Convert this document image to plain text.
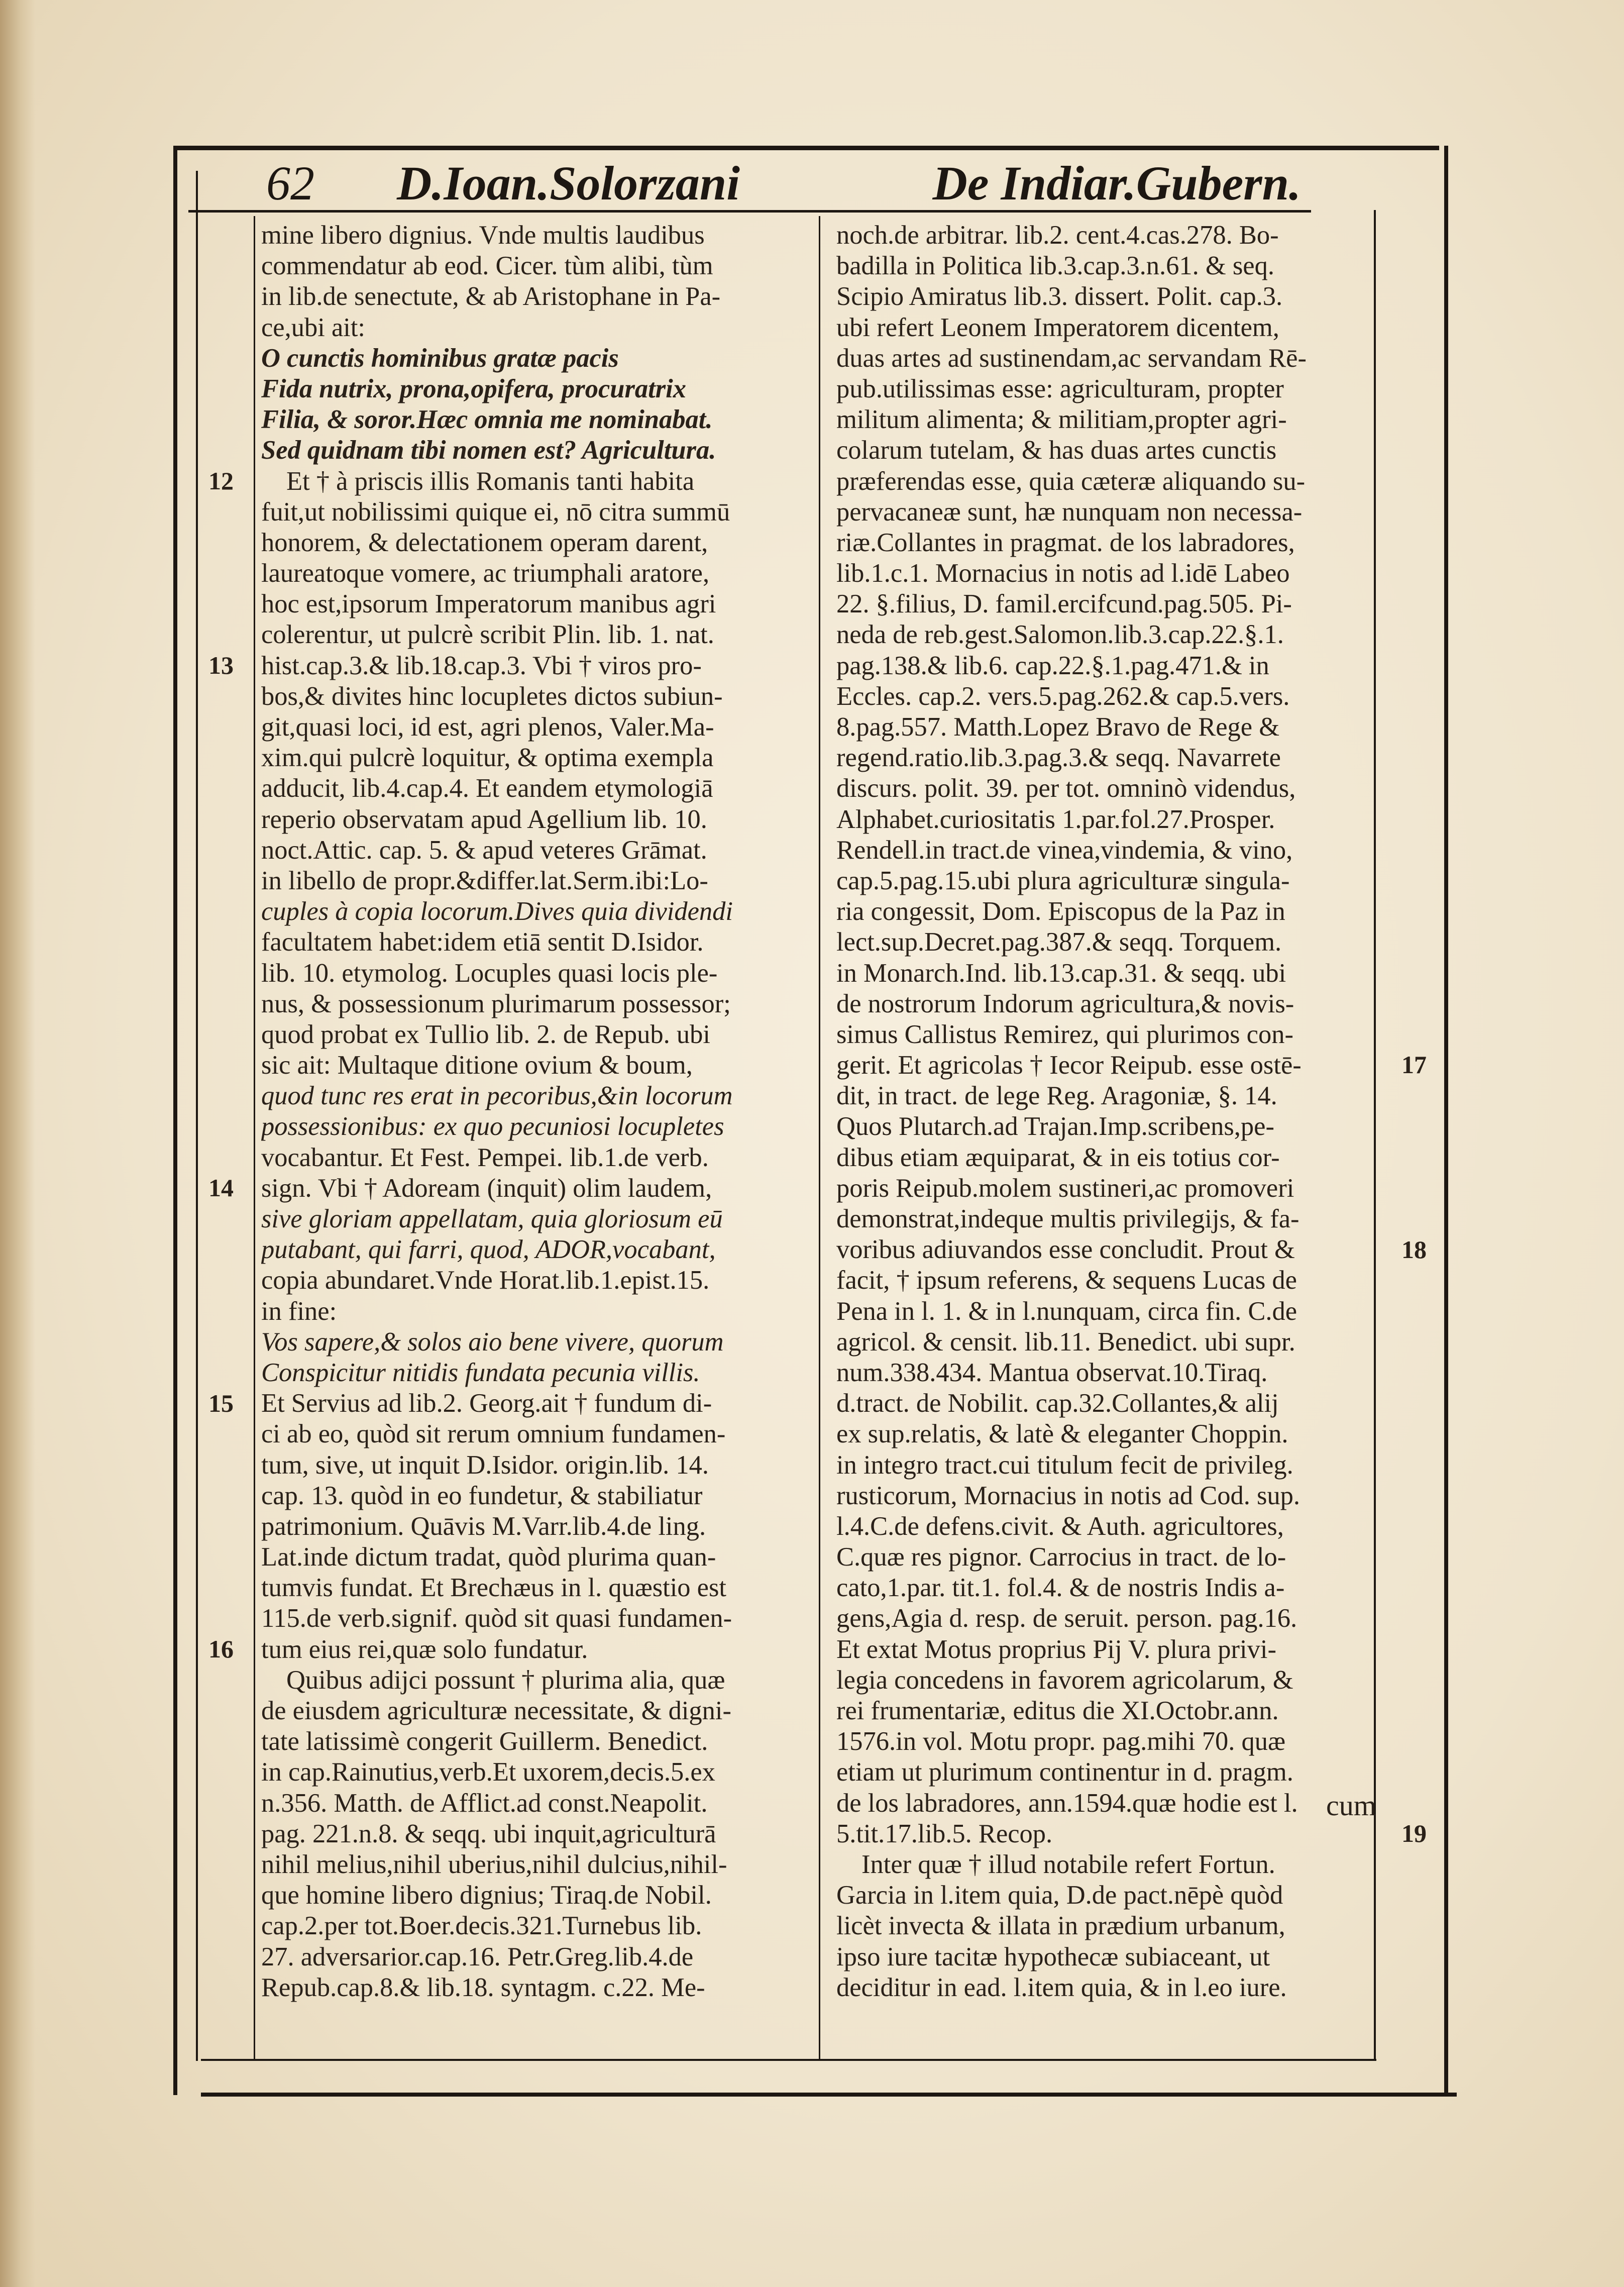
62 D.Ioan.Solorzani	De Indiar.Gubern.
mine libero dignius. Vnde multis laudibus
commendatur ab eod. Cicer. tùm alibi, tùm
in lib.de senectute, & ab Aristophane in Pa-
ce,ubi ait:
O cunctis hominibus gratæ pacis
Fida nutrix, prona,opifera, procuratrix
Filia, & soror.Hæc omnia me nominabat.
Sed quidnam tibi nomen est? Agricultura.
Et † à priscis illis Romanis tanti habita
fuit,ut nobilissimi quique ei, nō citra summū
honorem, & delectationem operam darent,
laureatoque vomere, ac triumphali aratore,
hoc est,ipsorum Imperatorum manibus agri
colerentur, ut pulcrè scribit Plin. lib. 1. nat.
hist.cap.3.& lib.18.cap.3. Vbi † viros pro-
bos,& divites hinc locupletes dictos subiun-
git,quasi loci, id est, agri plenos, Valer.Ma-
xim.qui pulcrè loquitur, & optima exempla
adducit, lib.4.cap.4. Et eandem etymologiā
reperio observatam apud Agellium lib. 10.
noct.Attic. cap. 5. & apud veteres Grāmat.
in libello de propr.&differ.lat.Serm.ibi:Lo-
cuples à copia locorum.Dives quia dividendi
facultatem habet:idem etiā sentit D.Isidor.
lib. 10. etymolog. Locuples quasi locis ple-
nus, & possessionum plurimarum possessor;
quod probat ex Tullio lib. 2. de Repub. ubi
sic ait: Multaque ditione ovium & boum,
quod tunc res erat in pecoribus,&in locorum
possessionibus: ex quo pecuniosi locupletes
vocabantur. Et Fest. Pempei. lib.1.de verb.
sign. Vbi † Adoream (inquit) olim laudem,
sive gloriam appellatam, quia gloriosum eū
putabant, qui farri, quod, ADOR,vocabant,
copia abundaret.Vnde Horat.lib.1.epist.15.
in fine:
Vos sapere,& solos aio bene vivere, quorum
Conspicitur nitidis fundata pecunia villis.
Et Servius ad lib.2. Georg.ait † fundum di-
ci ab eo, quòd sit rerum omnium fundamen-
tum, sive, ut inquit D.Isidor. origin.lib. 14.
cap. 13. quòd in eo fundetur, & stabiliatur
patrimonium. Quāvis M.Varr.lib.4.de ling.
Lat.inde dictum tradat, quòd plurima quan-
tumvis fundat. Et Brechæus in l. quæstio est
115.de verb.signif. quòd sit quasi fundamen-
tum eius rei,quæ solo fundatur.
Quibus adijci possunt † plurima alia, quæ
de eiusdem agriculturæ necessitate, & digni-
tate latissimè congerit Guillerm. Benedict.
in cap.Rainutius,verb.Et uxorem,decis.5.ex
n.356. Matth. de Afflict.ad const.Neapolit.
pag. 221.n.8. & seqq. ubi inquit,agriculturā
nihil melius,nihil uberius,nihil dulcius,nihil-
que homine libero dignius; Tiraq.de Nobil.
cap.2.per tot.Boer.decis.321.Turnebus lib.
27. adversarior.cap.16. Petr.Greg.lib.4.de
Repub.cap.8.& lib.18. syntagm. c.22. Me-
noch.de arbitrar. lib.2. cent.4.cas.278. Bo-
badilla in Politica lib.3.cap.3.n.61. & seq.
Scipio Amiratus lib.3. dissert. Polit. cap.3.
ubi refert Leonem Imperatorem dicentem,
duas artes ad sustinendam,ac servandam Rē-
pub.utilissimas esse: agriculturam, propter
militum alimenta; & militiam,propter agri-
colarum tutelam, & has duas artes cunctis
præferendas esse, quia cæteræ aliquando su-
pervacaneæ sunt, hæ nunquam non necessa-
riæ.Collantes in pragmat. de los labradores,
lib.1.c.1. Mornacius in notis ad l.idē Labeo
22. §.filius, D. famil.ercifcund.pag.505. Pi-
neda de reb.gest.Salomon.lib.3.cap.22.§.1.
pag.138.& lib.6. cap.22.§.1.pag.471.& in
Eccles. cap.2. vers.5.pag.262.& cap.5.vers.
8.pag.557. Matth.Lopez Bravo de Rege &
regend.ratio.lib.3.pag.3.& seqq. Navarrete
discurs. polit. 39. per tot. omninò videndus,
Alphabet.curiositatis 1.par.fol.27.Prosper.
Rendell.in tract.de vinea,vindemia, & vino,
cap.5.pag.15.ubi plura agriculturæ singula-
ria congessit, Dom. Episcopus de la Paz in
lect.sup.Decret.pag.387.& seqq. Torquem.
in Monarch.Ind. lib.13.cap.31. & seqq. ubi
de nostrorum Indorum agricultura,& novis-
simus Callistus Remirez, qui plurimos con-
gerit. Et agricolas † Iecor Reipub. esse ostē-
dit, in tract. de lege Reg. Aragoniæ, §. 14.
Quos Plutarch.ad Trajan.Imp.scribens,pe-
dibus etiam æquiparat, & in eis totius cor-
poris Reipub.molem sustineri,ac promoveri
demonstrat,indeque multis privilegijs, & fa-
voribus adiuvandos esse concludit. Prout &
facit, † ipsum referens, & sequens Lucas de
Pena in l. 1. & in l.nunquam, circa fin. C.de
agricol. & censit. lib.11. Benedict. ubi supr.
num.338.434. Mantua observat.10.Tiraq.
d.tract. de Nobilit. cap.32.Collantes,& alij
ex sup.relatis, & latè & eleganter Choppin.
in integro tract.cui titulum fecit de privileg.
rusticorum, Mornacius in notis ad Cod. sup.
l.4.C.de defens.civit. & Auth. agricultores,
C.quæ res pignor. Carrocius in tract. de lo-
cato,1.par. tit.1. fol.4. & de nostris Indis a-
gens,Agia d. resp. de seruit. person. pag.16.
Et extat Motus proprius Pij V. plura privi-
legia concedens in favorem agricolarum, &
rei frumentariæ, editus die XI.Octobr.ann.
1576.in vol. Motu propr. pag.mihi 70. quæ
etiam ut plurimum continentur in d. pragm.
de los labradores, ann.1594.quæ hodie est l.
5.tit.17.lib.5. Recop.
Inter quæ † illud notabile refert Fortun.
Garcia in l.item quia, D.de pact.nēpè quòd
licèt invecta & illata in prædium urbanum,
ipso iure tacitæ hypothecæ subiaceant, ut
deciditur in ead. l.item quia, & in l.eo iure.
12
13
14
15
16
17
18
19
cum
